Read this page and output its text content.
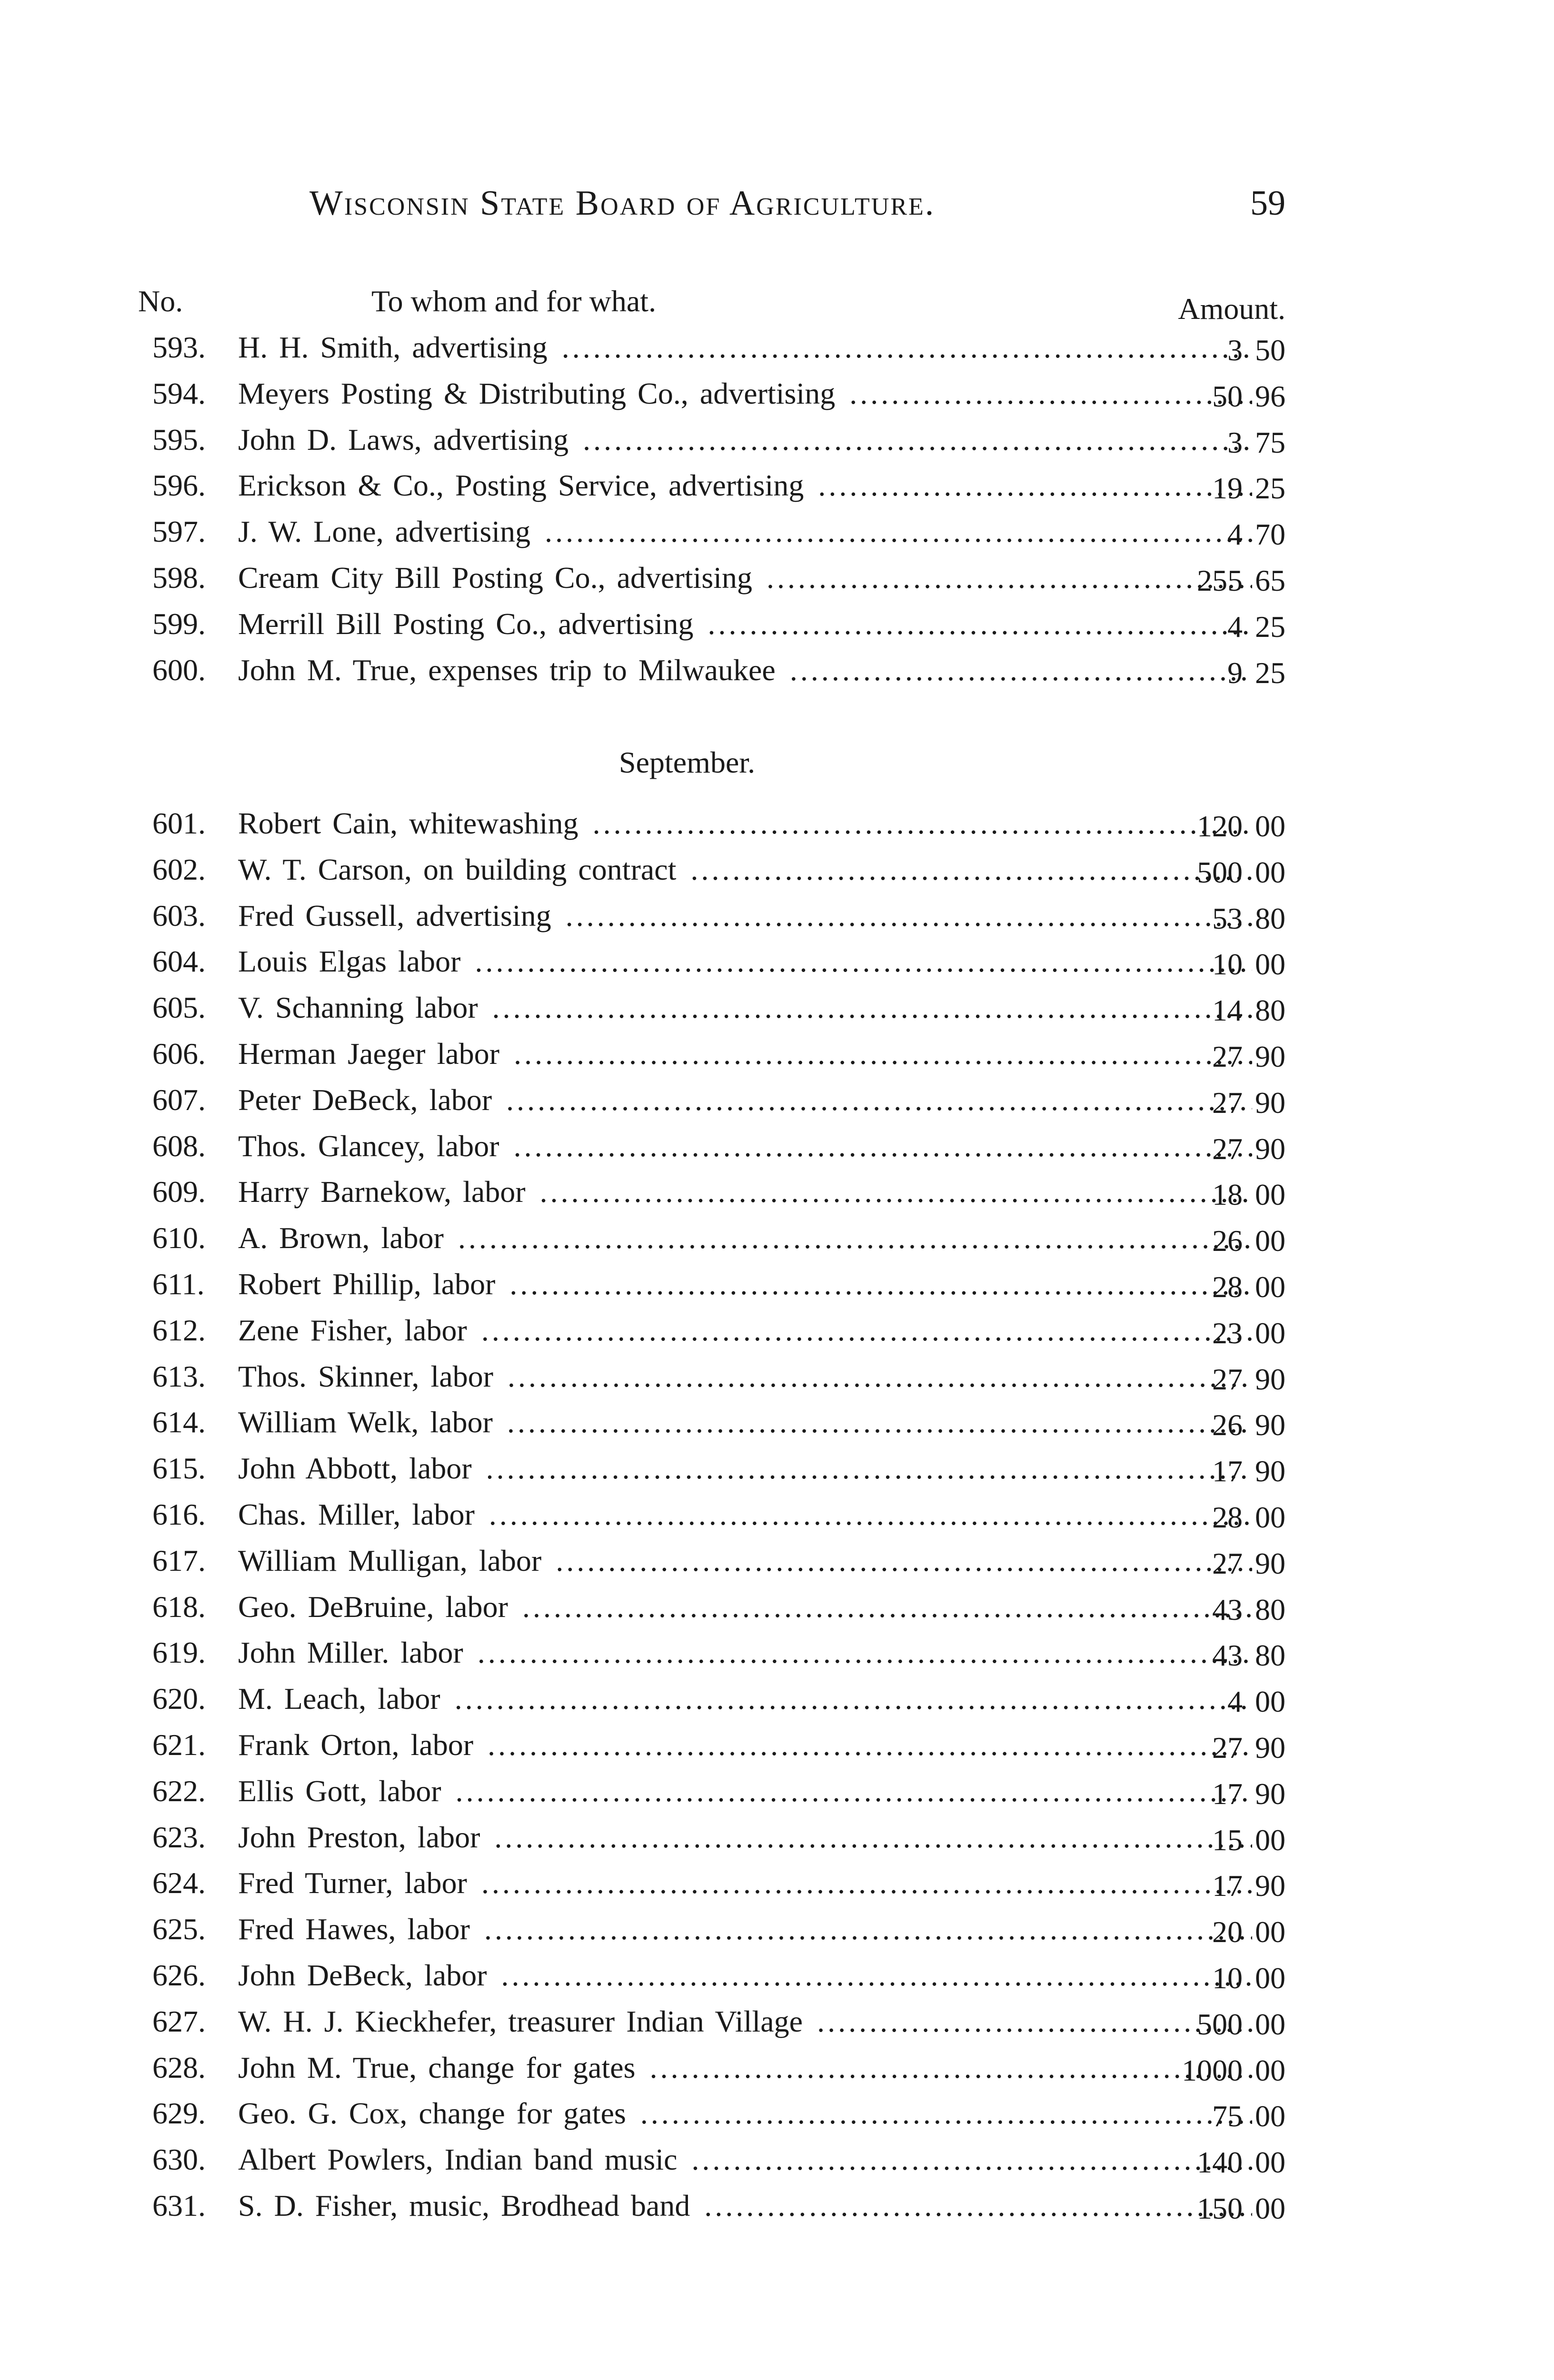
Wisconsin State Board of Agriculture.	59
No.	To whom and for what.	Amount.
September.
593.	H. H. Smith, advertising .....	3 50
594.	Meyers Posting & Distributing Co., advertising .....	50 96
595.	John D. Laws, advertising .....	3 75
596.	Erickson & Co., Posting Service, advertising .....	19 25
597.	J. W. Lone, advertising .....	4 70
598.	Cream City Bill Posting Co., advertising .....	255 65
599.	Merrill Bill Posting Co., advertising .....	4 25
600.	John M. True, expenses trip to Milwaukee .....	9 25
601.	Robert Cain, whitewashing .....	120 00
602.	W. T. Carson, on building contract .....	500 00
603.	Fred Gussell, advertising .....	53 80
604.	Louis Elgas labor .....	10 00
605.	V. Schanning labor .....	14 80
606.	Herman Jaeger labor .....	27 90
607.	Peter DeBeck, labor .....	27 90
608.	Thos. Glancey, labor .....	27 90
609.	Harry Barnekow, labor .....	18 00
610.	A. Brown, labor .....	26 00
611.	Robert Phillip, labor .....	28 00
612.	Zene Fisher, labor .....	23 00
613.	Thos. Skinner, labor .....	27 90
614.	William Welk, labor .....	26 90
615.	John Abbott, labor .....	17 90
616.	Chas. Miller, labor .....	28 00
617.	William Mulligan, labor .....	27 90
618.	Geo. DeBruine, labor .....	43 80
619.	John Miller. labor .....	43 80
620.	M. Leach, labor .....	4 00
621.	Frank Orton, labor .....	27 90
622.	Ellis Gott, labor .....	17 90
623.	John Preston, labor .....	15 00
624.	Fred Turner, labor .....	17 90
625.	Fred Hawes, labor .....	20 00
626.	John DeBeck, labor .....	10 00
627.	W. H. J. Kieckhefer, treasurer Indian Village .....	500 00
628.	John M. True, change for gates .....	1000 00
629.	Geo. G. Cox, change for gates .....	75 00
630.	Albert Powlers, Indian band music .....	140 00
631.	S. D. Fisher, music, Brodhead band .....	150 00
